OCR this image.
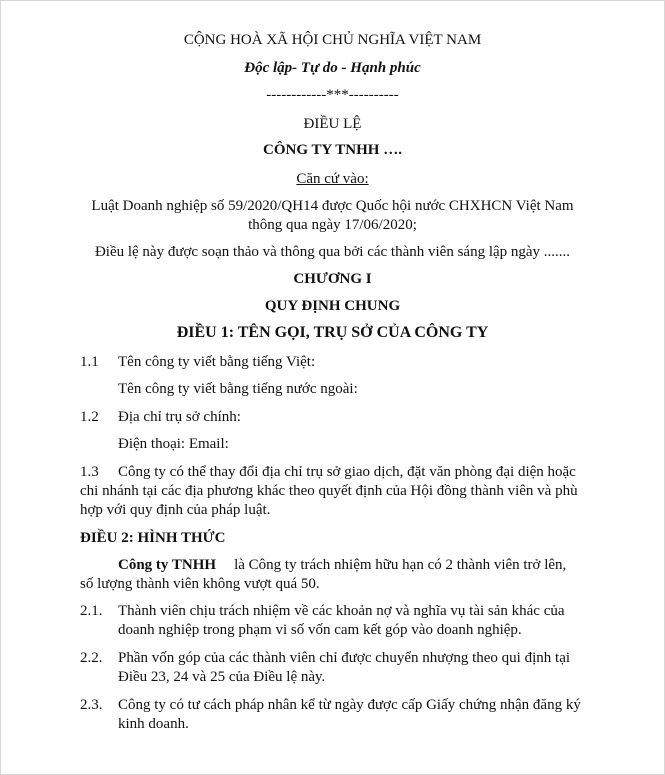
CỘNG HOÀ XÃ HỘI CHỦ NGHĨA VIỆT NAM
Độc lập- Tự do - Hạnh phúc
------------***----------
ĐIỀU LỆ
CÔNG TY TNHH ….
Căn cứ vào:
Luật Doanh nghiệp số 59/2020/QH14 được Quốc hội nước CHXHCN Việt Nam
thông qua ngày 17/06/2020;
Điều lệ này được soạn thảo và thông qua bởi các thành viên sáng lập ngày .......
CHƯƠNG I
QUY ĐỊNH CHUNG
ĐIỀU 1: TÊN GỌI, TRỤ SỞ CỦA CÔNG TY
1.1 Tên công ty viết bằng tiếng Việt:
Tên công ty viết bằng tiếng nước ngoài:
1.2 Địa chỉ trụ sở chính:
Điện thoại: Email:
1.3 Công ty có thể thay đổi địa chỉ trụ sở giao dịch, đặt văn phòng đại diện hoặc
chi nhánh tại các địa phương khác theo quyết định của Hội đồng thành viên và phù
hợp với quy định của pháp luật.
ĐIỀU 2: HÌNH THỨC
Công ty TNHH là Công ty trách nhiệm hữu hạn có 2 thành viên trở lên,
số lượng thành viên không vượt quá 50.
2.1. Thành viên chịu trách nhiệm về các khoản nợ và nghĩa vụ tài sản khác của
doanh nghiệp trong phạm vi số vốn cam kết góp vào doanh nghiệp.
2.2. Phần vốn góp của các thành viên chỉ được chuyển nhượng theo qui định tại
Điều 23, 24 và 25 của Điều lệ này.
2.3. Công ty có tư cách pháp nhân kể từ ngày được cấp Giấy chứng nhận đăng ký
kinh doanh.
